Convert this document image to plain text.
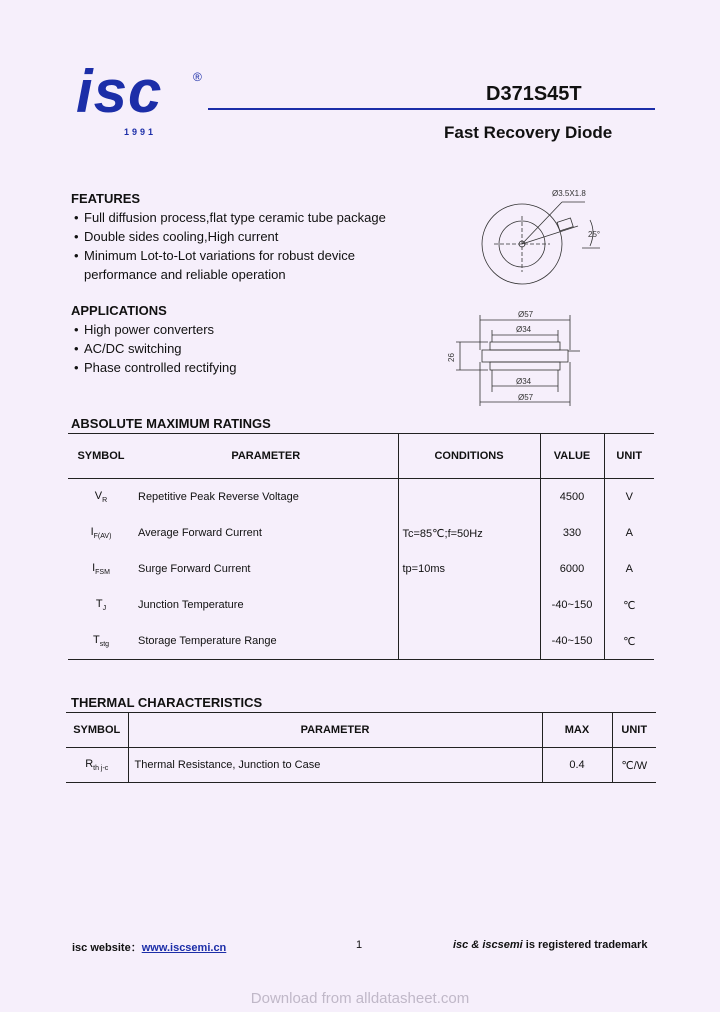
isc	®
1991
D371S45T
Fast Recovery Diode
FEATURES
• Full diffusion process,flat type ceramic tube package
• Double sides cooling,High current
• Minimum Lot-to-Lot variations for robust device
performance and reliable operation
APPLICATIONS
• High power converters
• AC/DC switching
• Phase controlled rectifying
Ø3.5X1.8
25°
Ø57
Ø34
Ø34
Ø57
26
ABSOLUTE MAXIMUM RATINGS
SYMBOL	PARAMETER	CONDITIONS	VALUE	UNIT
$V_R$	Repetitive Peak Reverse Voltage		4500	V
$I_{F(AV)}$	Average Forward Current	Tc=85℃;f=50Hz	330	A
$I_{FSM}$	Surge Forward Current	tp=10ms	6000	A
$T_J$	Junction Temperature		-40~150	℃
$T_{stg}$	Storage Temperature Range		-40~150	℃
THERMAL CHARACTERISTICS
SYMBOL	PARAMETER	MAX	UNIT
$R_{th j-c}$	Thermal Resistance, Junction to Case	0.4	℃/W
isc website：www.iscsemi.cn	1	isc & iscsemi is registered trademark
Download from alldatasheet.com
